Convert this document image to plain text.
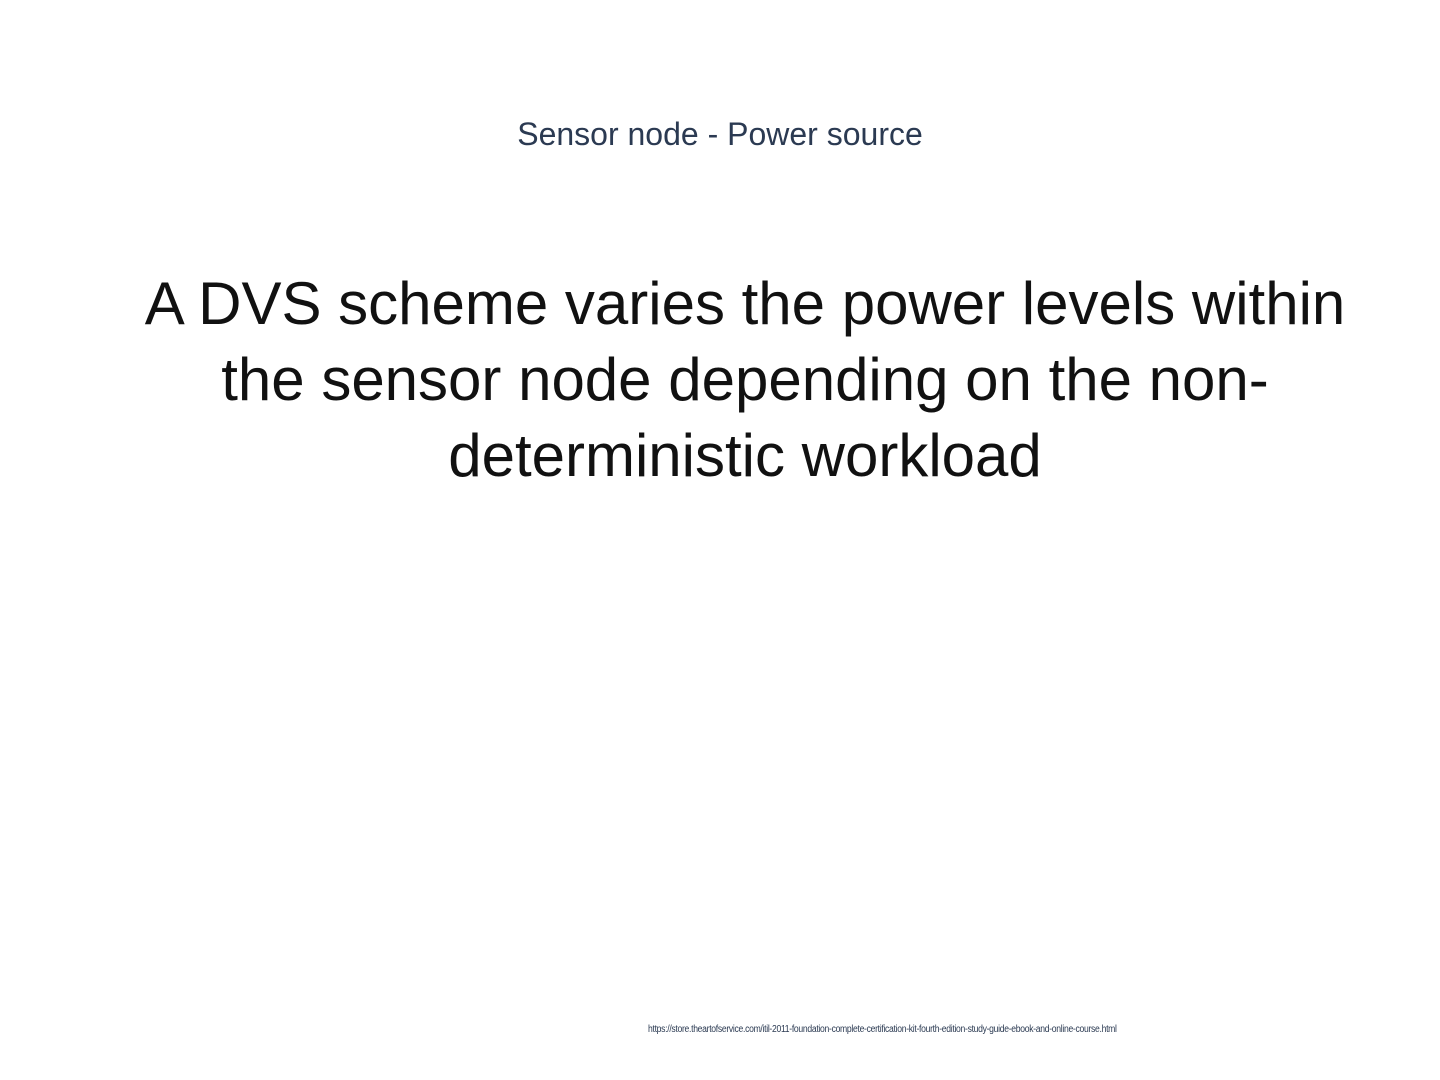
Sensor node - Power source

A DVS scheme varies the power levels within the sensor node depending on the non-deterministic workload

https://store.theartofservice.com/itil-2011-foundation-complete-certification-kit-fourth-edition-study-guide-ebook-and-online-course.html
